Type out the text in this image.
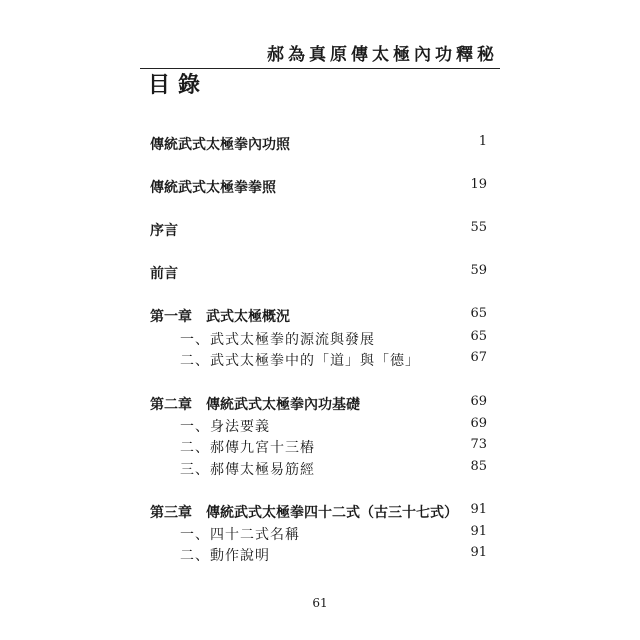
郝為真原傳太極內功釋秘
目錄
傳統武式太極拳內功照	1
傳統武式太極拳拳照	19
序言	55
前言	59
第一章　武式太極概況	65
一、武式太極拳的源流與發展	65
二、武式太極拳中的「道」與「德」	67
第二章　傳統武式太極拳內功基礎	69
一、身法要義	69
二、郝傳九宮十三樁	73
三、郝傳太極易筋經	85
第三章　傳統武式太極拳四十二式（古三十七式） 91
一、四十二式名稱	91
二、動作說明	91
61
